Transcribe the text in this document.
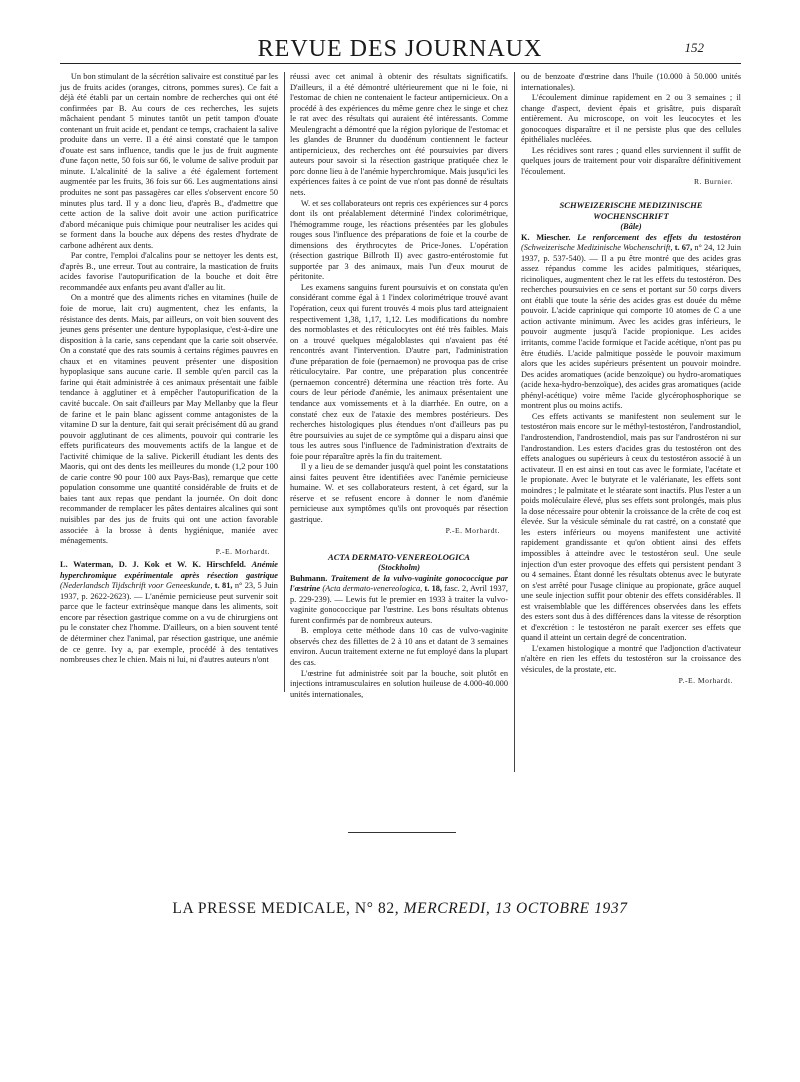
REVUE DES JOURNAUX	152

Un bon stimulant de la sécrétion salivaire est constitué par les jus de fruits acides (oranges, citrons, pommes sures). Ce fait a déjà été établi par un certain nombre de recherches qui ont été confirmées par B. Au cours de ces recherches, les sujets mâchaient pendant 5 minutes tantôt un petit tampon d'ouate contenant un fruit acide et, pendant ce temps, crachaient la salive produite dans un verre. Il a été ainsi constaté que le tampon d'ouate est sans influence, tandis que le jus de fruit augmente d'une façon nette, 50 fois sur 66, le volume de salive produit par minute. L'alcalinité de la salive a été également fortement augmentée par les fruits, 36 fois sur 66. Les augmentations ainsi produites ne sont pas passagères car elles s'observent encore 50 minutes plus tard. Il y a donc lieu, d'après B., d'admettre que cette action de la salive doit avoir une action purificatrice d'abord mécanique puis chimique pour neutraliser les acides qui se forment dans la bouche aux dépens des restes d'hydrate de carbone adhérent aux dents.

Par contre, l'emploi d'alcalins pour se nettoyer les dents est, d'après B., une erreur. Tout au contraire, la mastication de fruits acides favorise l'autopurification de la bouche et doit être recommandée aux enfants peu avant d'aller au lit.

On a montré que des aliments riches en vitamines (huile de foie de morue, lait cru) augmentent, chez les enfants, la résistance des dents. Mais, par ailleurs, on voit bien souvent des jeunes gens présenter une denture hypoplasique, c'est-à-dire une disposition à la carie, sans cependant que la carie soit observée. On a constaté que des rats soumis à certains régimes pauvres en chaux et en vitamines peuvent présenter une disposition hypoplasique sans aucune carie. Il semble qu'en parcil cas la farine qui était administrée à ces animaux présentait une faible tendance à agglutiner et à empêcher l'autopurification de la cavité buccale. On sait d'ailleurs par May Mellanby que la fleur de farine et le pain blanc agissent comme antagonistes de la vitamine D sur la denture, fait qui serait précisément dû au grand pouvoir agglutinant de ces aliments, pouvoir qui contrarie les effets purificateurs des mouvements actifs de la langue et de l'activité chimique de la salive. Pickerill étudiant les dents des Maoris, qui ont des dents les meilleures du monde (1,2 pour 100 de carie contre 90 pour 100 aux Pays-Bas), remarque que cette population consomme une quantité considérable de fruits et de baies tant aux repas que pendant la journée. On doit donc recommander de remplacer les pâtes dentaires alcalines qui sont nuisibles par des jus de fruits qui ont une action favorable associée à la brosse à dents hygiénique, maniée avec ménagements.

P.-E. Morhardt.

L. Waterman, D. J. Kok et W. K. Hirschfeld. Anémie hyperchromique expérimentale après résection gastrique (Nederlandsch Tijdschrift voor Geneeskunde, t. 81, n° 23, 5 Juin 1937, p. 2622-2623). — L'anémie pernicieuse peut survenir soit parce que le facteur extrinsèque manque dans les aliments, soit encore par résection gastrique comme on a vu de chirurgiens ont pu le constater chez l'homme. D'ailleurs, on a bien souvent tenté de déterminer chez l'animal, par résection gastrique, une anémie de ce genre. Ivy a, par exemple, procédé à des tentatives nombreuses chez le chien. Mais ni lui, ni d'autres auteurs n'ont

réussi avec cet animal à obtenir des résultats significatifs. D'ailleurs, il a été démontré ultérieurement que ni le foie, ni l'estomac de chien ne contenaient le facteur antipernicieux. On a procédé à des expériences du même genre chez le singe et chez le rat avec des résultats qui auraient été intéressants. Comme Meulengracht a démontré que la région pylorique de l'estomac et les glandes de Brunner du duodénum contiennent le facteur antipernicieux, des recherches ont été poursuivies par divers auteurs pour savoir si la résection gastrique pratiquée chez le porc donne lieu à de l'anémie hyperchromique. Mais jusqu'ici les expériences faites à ce point de vue n'ont pas donné de résultats nets.

W. et ses collaborateurs ont repris ces expériences sur 4 porcs dont ils ont préalablement déterminé l'index colorimétrique, l'hémogramme rouge, les réactions présentées par les globules rouges sous l'influence des préparations de foie et la courbe de dimensions des érythrocytes de Price-Jones. L'opération (résection gastrique Billroth II) avec gastro-entérostomie fut supportée par 3 des animaux, mais l'un d'eux mourut de péritonite.

Les examens sanguins furent poursuivis et on constata qu'en considérant comme égal à 1 l'index colorimétrique trouvé avant l'opération, ceux qui furent trouvés 4 mois plus tard atteignaient respectivement 1,38, 1,17, 1,12. Les modifications du nombre des normoblastes et des réticulocytes ont été très faibles. Mais on a trouvé quelques mégaloblastes qui n'avaient pas été rencontrés avant l'intervention. D'autre part, l'administration d'une préparation de foie (pernaemon) ne provoqua pas de crise réticulocytaire. Par contre, une préparation plus concentrée (pernaemon concentré) détermina une réaction très forte. Au cours de leur période d'anémie, les animaux présentaient une tendance aux vomissements et à la diarrhée. En outre, on a constaté chez eux de l'ataxie des membres postérieurs. Des recherches histologiques plus étendues n'ont d'ailleurs pas pu être poursuivies au sujet de ce symptôme qui a disparu ainsi que tous les autres sous l'influence de l'administration d'extraits de foie pour réparaître après la fin du traitement.

Il y a lieu de se demander jusqu'à quel point les constatations ainsi faites peuvent être identifiées avec l'anémie pernicieuse humaine. W. et ses collaborateurs restent, à cet égard, sur la réserve et se refusent encore à donner le nom d'anémie pernicieuse aux symptômes qu'ils ont provoqués par résection gastrique.

P.-E. Morhardt.

ACTA DERMATO-VENEREOLOGICA

(Stockholm)

Buhmann. Traitement de la vulvo-vaginite gonococcique par l'œstrine (Acta dermato-venereologica, t. 18, fasc. 2, Avril 1937, p. 229-239). — Lewis fut le premier en 1933 à traiter la vulvo-vaginite gonococcique par l'œstrine. Les bons résultats obtenus furent confirmés par de nombreux auteurs.

B. employa cette méthode dans 10 cas de vulvo-vaginite observés chez des fillettes de 2 à 10 ans et datant de 3 semaines environ. Aucun traitement externe ne fut employé dans la plupart des cas.

L'œstrine fut administrée soit par la bouche, soit plutôt en injections intramusculaires en solution huileuse de 4.000-40.000 unités internationales,

ou de benzoate d'œstrine dans l'huile (10.000 à 50.000 unités internationales).

L'écoulement diminue rapidement en 2 ou 3 semaines ; il change d'aspect, devient épais et grisâtre, puis disparaît entièrement. Au microscope, on voit les leucocytes et les gonocoques disparaître et il ne persiste plus que des cellules épithéliales nucléées.

Les récidives sont rares ; quand elles surviennent il suffit de quelques jours de traitement pour voir disparaître définitivement l'écoulement.

R. Burnier.

SCHWEIZERISCHE MEDIZINISCHE

WOCHENSCHRIFT

(Bâle)

K. Miescher. Le renforcement des effets du testostéron (Schweizerische Medizinische Wochenschrift, t. 67, n° 24, 12 Juin 1937, p. 537-540). — Il a pu être montré que des acides gras assez répandus comme les acides palmitiques, stéariques, ricinoliques, augmentent chez le rat les effets du testostéron. Des recherches poursuivies en ce sens et portant sur 50 corps divers ont établi que toute la série des acides gras est douée du même pouvoir. L'acide caprinique qui comporte 10 atomes de C a une action activante minimum. Avec les acides gras inférieurs, le pouvoir augmente jusqu'à l'acide propionique. Les acides irritants, comme l'acide formique et l'acide acétique, n'ont pas pu être étudiés. L'acide palmitique possède le pouvoir maximum alors que les acides supérieurs présentent un pouvoir moindre. Des acides aromatiques (acide benzoïque) ou hydro-aromatiques (acide hexa-hydro-benzoïque), des acides gras aromatiques (acide phényl-acétique) voire même l'acide glycérophosphorique se montrent plus ou moins actifs.

Ces effets activants se manifestent non seulement sur le testostéron mais encore sur le méthyl-testostéron, l'androstandiol, l'androstendion, l'androstendiol, mais pas sur l'androstéron ni sur l'androstandion. Les esters d'acides gras du testostéron ont des effets analogues ou supérieurs à ceux du testostéron associé à un activateur. Il en est ainsi en tout cas avec le formiate, l'acétate et le propionate. Avec le butyrate et le valérianate, les effets sont moindres ; le palmitate et le stéarate sont inactifs. Plus l'ester a un poids moléculaire élevé, plus ses effets sont prolongés, mais plus la dose nécessaire pour obtenir la croissance de la crête de coq est élevée. Sur la vésicule séminale du rat castré, on a constaté que les esters inférieurs ou moyens manifestent une activité rapidement grandissante et qu'on obtient ainsi des effets impossibles à atteindre avec le testostéron seul. Une seule injection d'un ester provoque des effets qui persistent pendant 3 ou 4 semaines. Étant donné les résultats obtenus avec le butyrate on s'est arrêté pour l'usage clinique au propionate, grâce auquel une seule injection suffit pour obtenir des effets considérables. Il est vraisemblable que les différences observées dans les effets des esters sont dus à des différences dans la vitesse de résorption et d'excrétion : le testostéron ne paraît exercer ses effets que quand il atteint un certain degré de concentration.

L'examen histologique a montré que l'adjonction d'activateur n'altère en rien les effets du testostéron sur la croissance des vésicules, de la prostate, etc.

P.-E. Morhardt.

LA PRESSE MEDICALE, N° 82, MERCREDI, 13 OCTOBRE 1937
